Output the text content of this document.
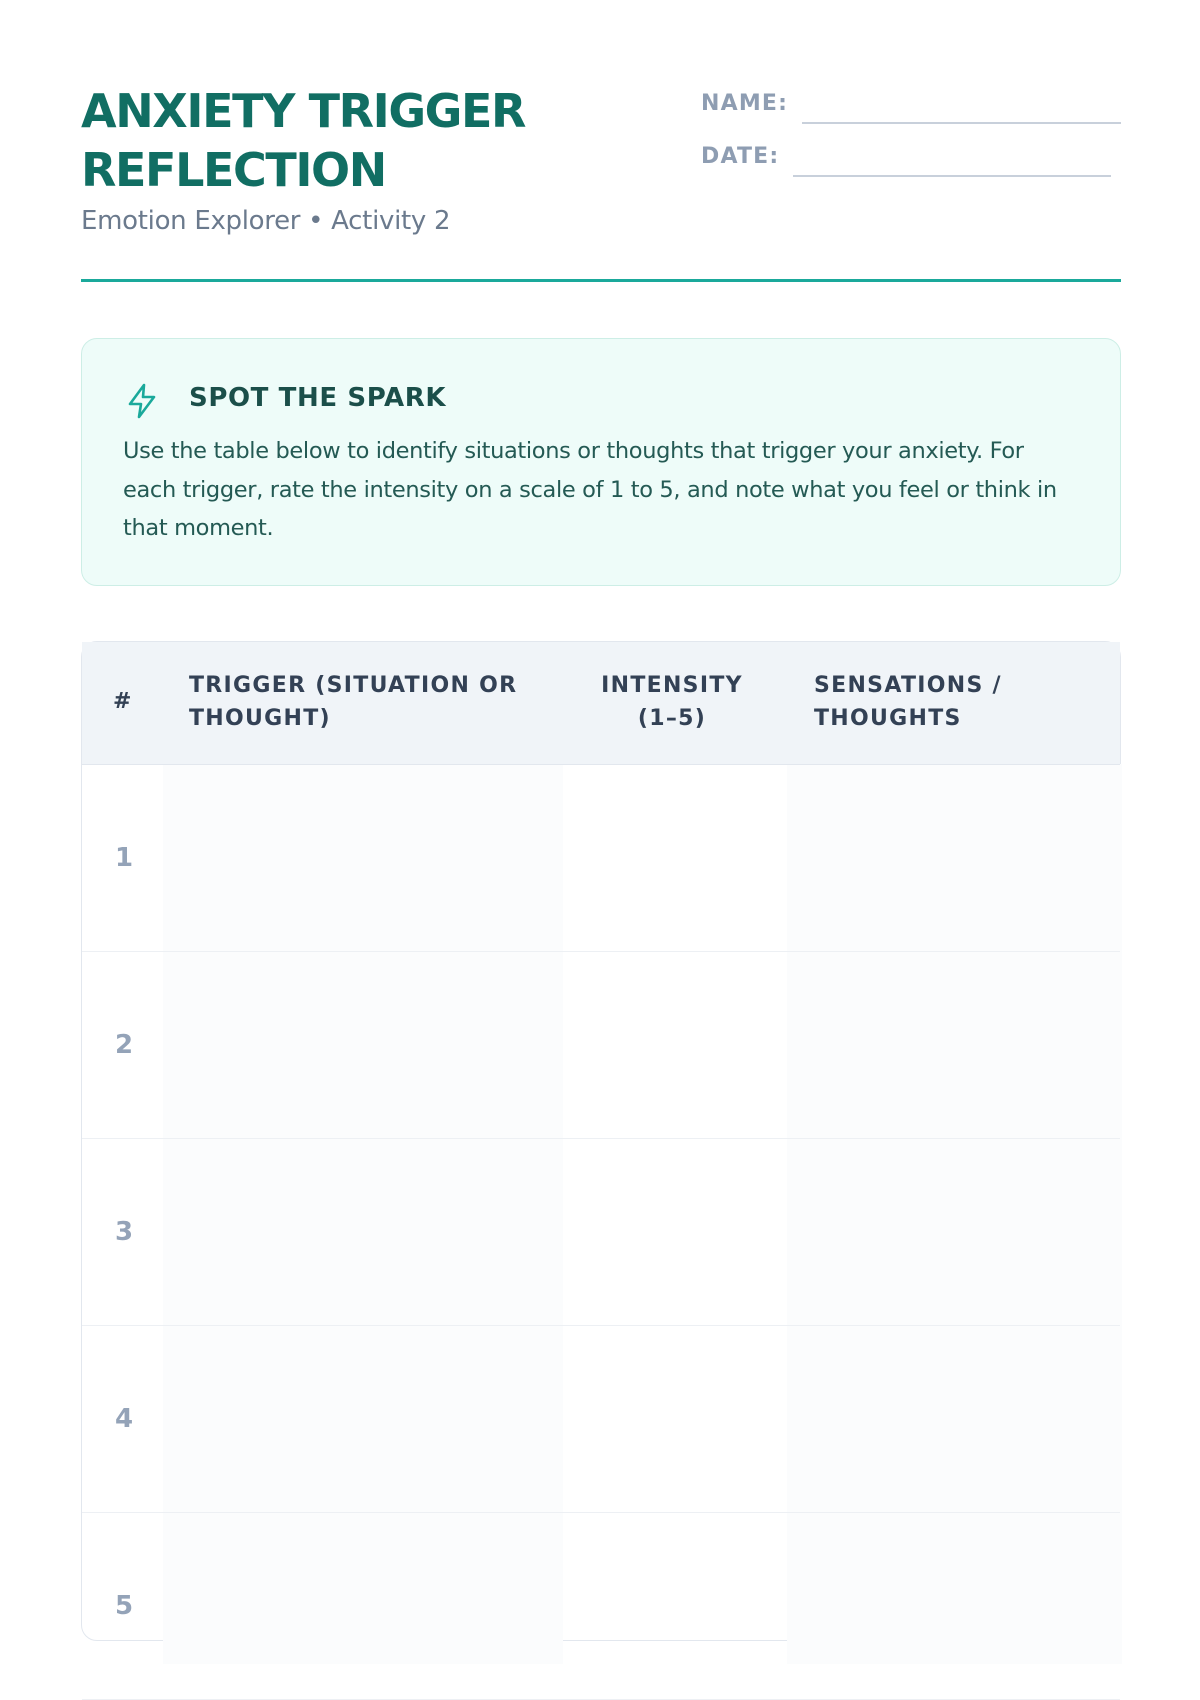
ANXIETY TRIGGER
REFLECTION
Emotion Explorer • Activity 2
NAME:
DATE:
SPOT THE SPARK
Use the table below to identify situations or thoughts that trigger your anxiety. For each trigger, rate the intensity on a scale of 1 to 5, and note what you feel or think in that moment.
#
TRIGGER (SITUATION OR THOUGHT)
INTENSITY (1–5)
SENSATIONS / THOUGHTS
1
2
3
4
5
